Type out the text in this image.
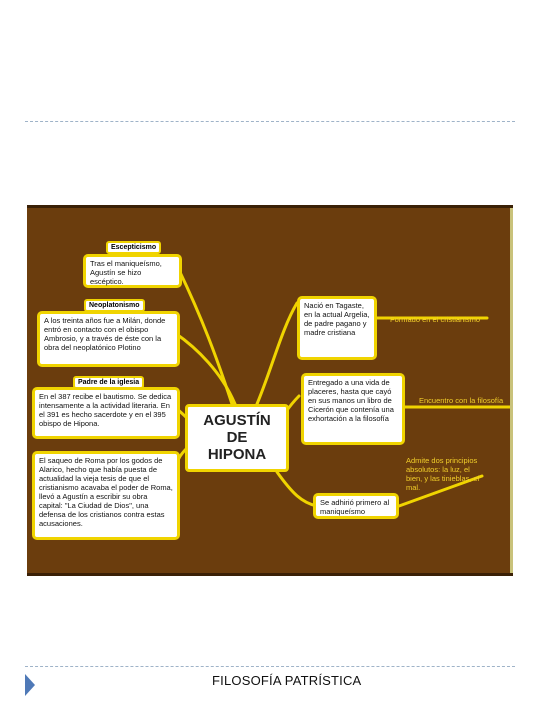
Escepticismo
Tras el maniqueísmo, Agustín se hizo escéptico.
Neoplatonismo
A los treinta años fue a Milán, donde entró en contacto con el obispo Ambrosio, y a través de éste con la obra del neoplatónico Plotino
Padre de la iglesia
En el 387 recibe el bautismo. Se dedica intensamente a la actividad literaria. En el 391 es hecho sacerdote y en el 395 obispo de Hipona.
El saqueo de Roma por los godos de Alarico, hecho que había puesta de actualidad la vieja tesis de que el cristianismo acavaba el poder de Roma, llevó a Agustín a escribir su obra capital: "La Ciudad de Dios", una defensa de los cristianos contra estas acusaciones.
AGUSTÍN
DE
HIPONA
Nació en Tagaste, en la actual Argelia, de padre pagano y madre cristiana
Formado en el cristianismo
Entregado a una vida de placeres, hasta que cayó en sus manos un libro de Cicerón que contenía una exhortación a la filosofía
Encuentro con la filosofía
Se adhirió primero al maniqueísmo
Admite dos principios absolutos: la luz, el bien, y las tinieblas, el mal.
FILOSOFÍA PATRÍSTICA
